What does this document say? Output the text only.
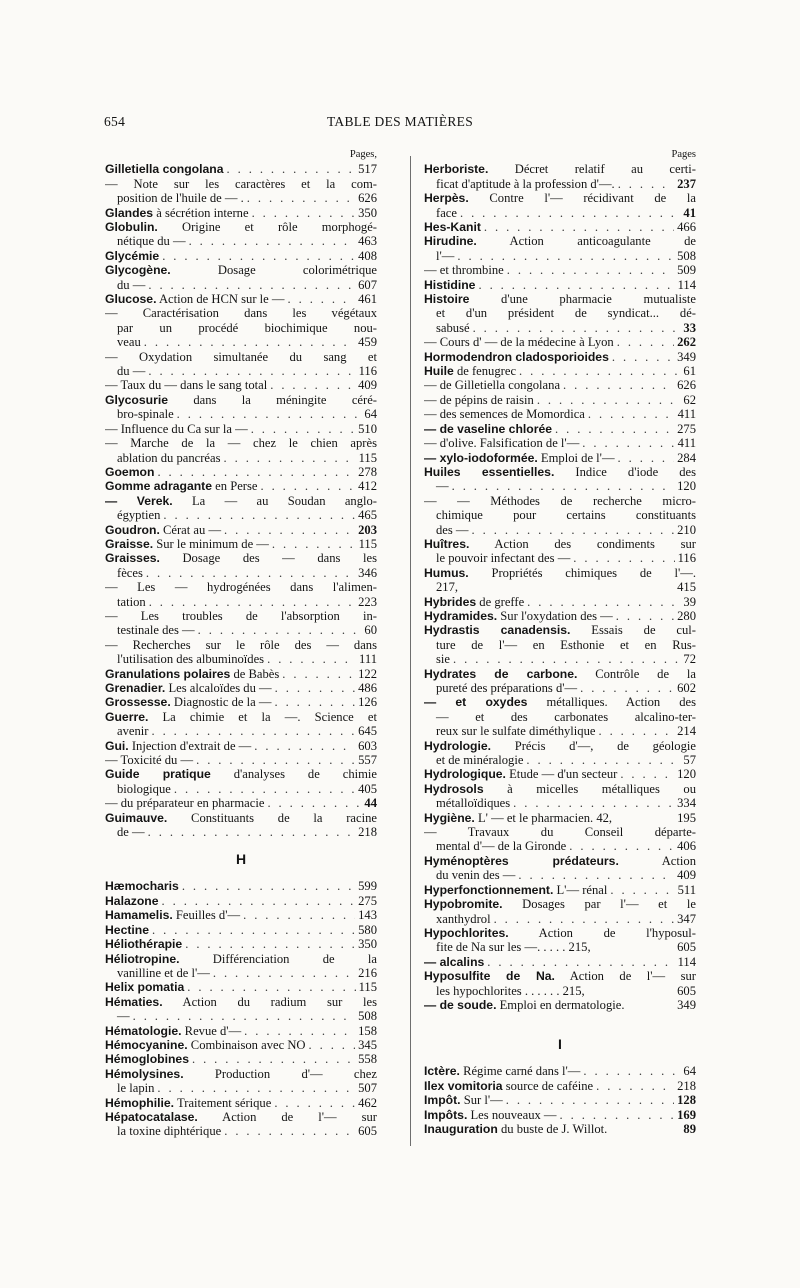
654	TABLE DES MATIÈRES
Pages,
Gilletiella congolana . . .	517
— Note sur les caractères et la com-
position de l'huile de — . . . .	626
Glandes à sécrétion interne . . .	350
Globulin. Origine et rôle morphogé-
nétique du — . . .	463
Glycémie . . .	408
Glycogène. Dosage colorimétrique
du — . . .	607
Glucose. Action de HCN sur le — . . .	461
— Caractérisation dans les végétaux
par un procédé biochimique nou-
veau . . .	459
— Oxydation simultanée du sang et
du — . . .	116
— Taux du — dans le sang total . . .	409
Glycosurie dans la méningite céré-
bro-spinale . . .	64
— Influence du Ca sur la — . . .	510
— Marche de la — chez le chien après
ablation du pancréas . . .	115
Goemon . . .	278
Gomme adragante en Perse . . .	412
— Verek. La — au Soudan anglo-
égyptien . . .	465
Goudron. Cérat au — . . .	203
Graisse. Sur le minimum de — . . .	115
Graisses. Dosage des — dans les
fèces . . .	346
— Les — hydrogénées dans l'alimen-
tation . . .	223
— Les troubles de l'absorption in-
testinale des — . . .	60
— Recherches sur le rôle des — dans
l'utilisation des albuminoïdes . . .	111
Granulations polaires de Babès . . .	122
Grenadier. Les alcaloïdes du — . . .	486
Grossesse. Diagnostic de la — . . .	126
Guerre. La chimie et la —. Science et
avenir . . .	645
Gui. Injection d'extrait de — . . .	603
— Toxicité du — . . .	557
Guide pratique d'analyses de chimie
biologique . . .	405
— du préparateur en pharmacie . . .	44
Guimauve. Constituants de la racine
de — . . .	218
H
Hæmocharis . . .	599
Halazone . . .	275
Hamamelis. Feuilles d'— . . .	143
Hectine . . .	580
Héliothérapie . . .	350
Héliotropine. Différenciation de la
vanilline et de l'— . . .	216
Helix pomatia . . .	115
Hématies. Action du radium sur les
— . . .	508
Hématologie. Revue d'— . . .	158
Hémocyanine. Combinaison avec NO . . .	345
Hémoglobines . . .	558
Hémolysines. Production d'— chez
le lapin . . .	507
Hémophilie. Traitement sérique . . .	462
Hépatocatalase. Action de l'— sur
la toxine diphtérique . . .	605
Pages
Herboriste. Décret relatif au certi-
ficat d'aptitude à la profession d'—. . . .	237
Herpès. Contre l'— récidivant de la
face . . .	41
Hes-Kanit . . .	466
Hirudine. Action anticoagulante de
l'— . . .	508
— et thrombine . . .	509
Histidine . . .	114
Histoire d'une pharmacie mutualiste
et d'un président de syndicat... dé-
sabusé . . .	33
— Cours d' — de la médecine à Lyon . . .	262
Hormodendron cladosporioides . . .	349
Huile de fenugrec . . .	61
— de Gilletiella congolana . . .	626
— de pépins de raisin . . .	62
— des semences de Momordica . . .	411
— de vaseline chlorée . . .	275
— d'olive. Falsification de l'— . . .	411
— xylo-iodoformée. Emploi de l'— . . .	284
Huiles essentielles. Indice d'iode des
— . . .	120
— — Méthodes de recherche micro-
chimique pour certains constituants
des — . . .	210
Huîtres. Action des condiments sur
le pouvoir infectant des — . . .	116
Humus. Propriétés chimiques de l'—.
217,	415
Hybrides de greffe . . .	39
Hydramides. Sur l'oxydation des — . . .	280
Hydrastis canadensis. Essais de cul-
ture de l'— en Esthonie et en Rus-
sie . . .	72
Hydrates de carbone. Contrôle de la
pureté des préparations d'— . . .	602
— et oxydes métalliques. Action des
— et des carbonates alcalino-ter-
reux sur le sulfate diméthylique . . .	214
Hydrologie. Précis d'—, de géologie
et de minéralogie . . .	57
Hydrologique. Etude — d'un secteur . . .	120
Hydrosols à micelles métalliques ou
métalloïdiques . . .	334
Hygiène. L' — et le pharmacien. 42,	195
— Travaux du Conseil départe-
mental d'— de la Gironde . . .	406
Hyménoptères prédateurs. Action
du venin des — . . .	409
Hyperfonctionnement. L'— rénal . . .	511
Hypobromite. Dosages par l'— et le
xanthydrol . . .	347
Hypochlorites. Action de l'hyposul-
fite de Na sur les —. . . . . 215,	605
— alcalins . . .	114
Hyposulfite de Na. Action de l'— sur
les hypochlorites . . . . . . 215,	605
— de soude. Emploi en dermatologie.	349
I
Ictère. Régime carné dans l'— . . .	64
Ilex vomitoria source de caféine . . .	218
Impôt. Sur l'— . . .	128
Impôts. Les nouveaux — . . .	169
Inauguration du buste de J. Willot.	89
